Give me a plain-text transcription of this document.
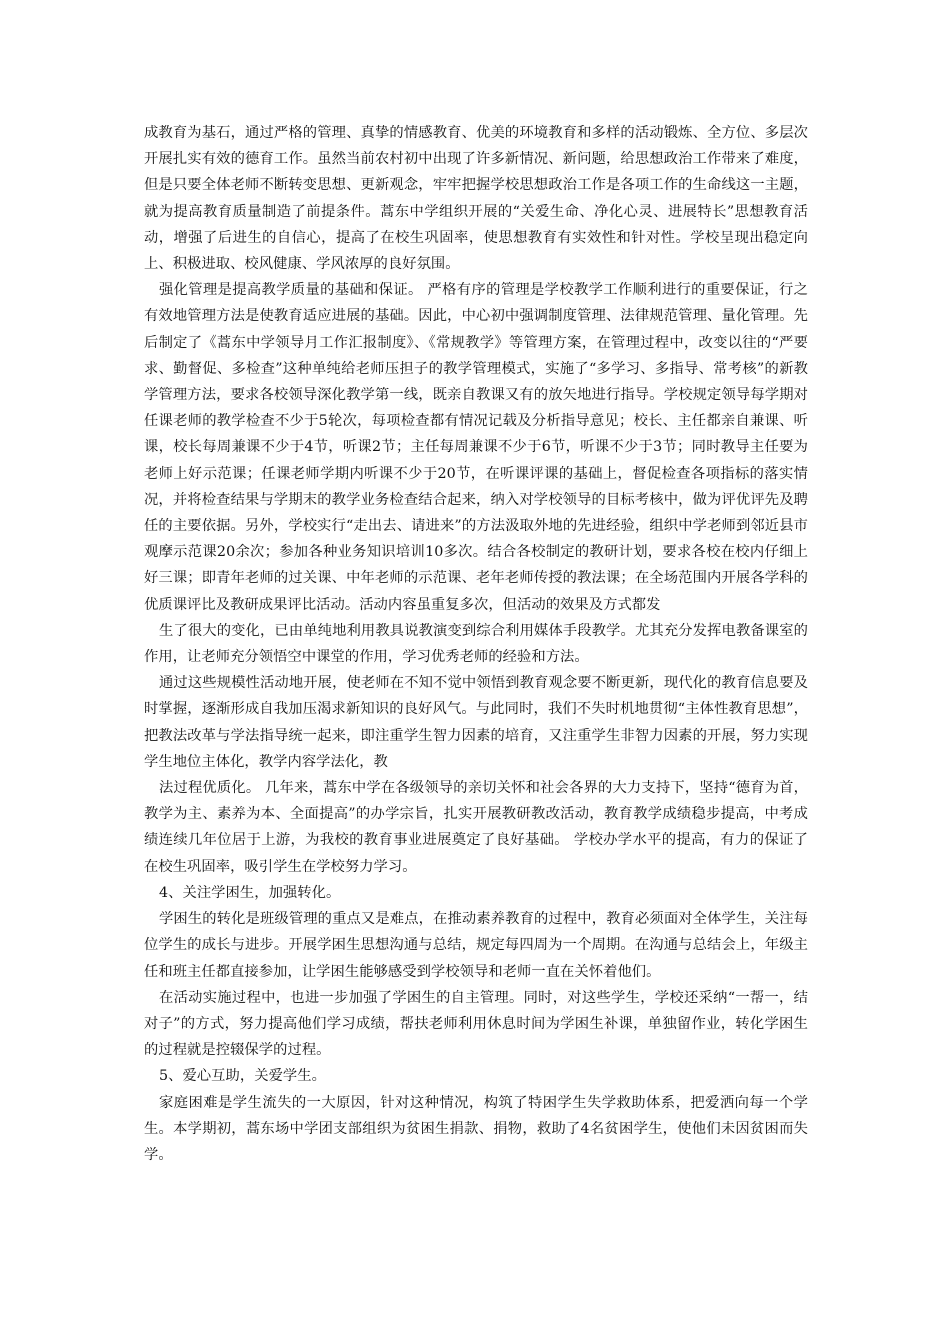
成教育为基石，通过严格的管理、真挚的情感教育、优美的环境教育和多样的活动锻炼、全方位、多层次开展扎实有效的德育工作。虽然当前农村初中出现了许多新情况、新问题，给思想政治工作带来了难度，但是只要全体老师不断转变思想、更新观念，牢牢把握学校思想政治工作是各项工作的生命线这一主题，就为提高教育质量制造了前提条件。蒿东中学组织开展的“关爱生命、净化心灵、进展特长”思想教育活动，增强了后进生的自信心，提高了在校生巩固率，使思想教育有实效性和针对性。学校呈现出稳定向上、积极进取、校风健康、学风浓厚的良好氛围。

强化管理是提高教学质量的基础和保证。 严格有序的管理是学校教学工作顺利进行的重要保证，行之有效地管理方法是使教育适应进展的基础。因此，中心初中强调制度管理、法律规范管理、量化管理。先后制定了《蒿东中学领导月工作汇报制度》、《常规教学》等管理方案，在管理过程中，改变以往的“严要求、勤督促、多检查”这种单纯给老师压担子的教学管理模式，实施了“多学习、多指导、常考核”的新教学管理方法，要求各校领导深化教学第一线，既亲自教课又有的放矢地进行指导。学校规定领导每学期对任课老师的教学检查不少于5轮次，每项检查都有情况记载及分析指导意见；校长、主任都亲自兼课、听课，校长每周兼课不少于4节，听课2节；主任每周兼课不少于6节，听课不少于3节；同时教导主任要为老师上好示范课；任课老师学期内听课不少于20节，在听课评课的基础上，督促检查各项指标的落实情况，并将检查结果与学期末的教学业务检查结合起来，纳入对学校领导的目标考核中，做为评优评先及聘任的主要依据。另外，学校实行“走出去、请进来”的方法汲取外地的先进经验，组织中学老师到邻近县市观摩示范课20余次；参加各种业务知识培训10多次。结合各校制定的教研计划，要求各校在校内仔细上好三课；即青年老师的过关课、中年老师的示范课、老年老师传授的教法课；在全场范围内开展各学科的优质课评比及教研成果评比活动。活动内容虽重复多次，但活动的效果及方式都发

生了很大的变化，已由单纯地利用教具说教演变到综合利用媒体手段教学。尤其充分发挥电教备课室的作用，让老师充分领悟空中课堂的作用，学习优秀老师的经验和方法。

通过这些规模性活动地开展，使老师在不知不觉中领悟到教育观念要不断更新，现代化的教育信息要及时掌握，逐渐形成自我加压渴求新知识的良好风气。与此同时，我们不失时机地贯彻“主体性教育思想”，把教法改革与学法指导统一起来，即注重学生智力因素的培育，又注重学生非智力因素的开展，努力实现学生地位主体化，教学内容学法化，教

法过程优质化。 几年来，蒿东中学在各级领导的亲切关怀和社会各界的大力支持下，坚持“德育为首，教学为主、素养为本、全面提高”的办学宗旨，扎实开展教研教改活动，教育教学成绩稳步提高，中考成绩连续几年位居于上游，为我校的教育事业进展奠定了良好基础。 学校办学水平的提高，有力的保证了在校生巩固率，吸引学生在学校努力学习。

4、关注学困生，加强转化。

学困生的转化是班级管理的重点又是难点，在推动素养教育的过程中，教育必须面对全体学生，关注每位学生的成长与进步。开展学困生思想沟通与总结，规定每四周为一个周期。在沟通与总结会上，年级主任和班主任都直接参加，让学困生能够感受到学校领导和老师一直在关怀着他们。

在活动实施过程中，也进一步加强了学困生的自主管理。同时，对这些学生，学校还采纳“一帮一，结对子”的方式，努力提高他们学习成绩，帮扶老师利用休息时间为学困生补课，单独留作业，转化学困生的过程就是控辍保学的过程。

5、爱心互助，关爱学生。

家庭困难是学生流失的一大原因，针对这种情况，构筑了特困学生失学救助体系，把爱洒向每一个学生。本学期初，蒿东场中学团支部组织为贫困生捐款、捐物，救助了4名贫困学生，使他们未因贫困而失学。
